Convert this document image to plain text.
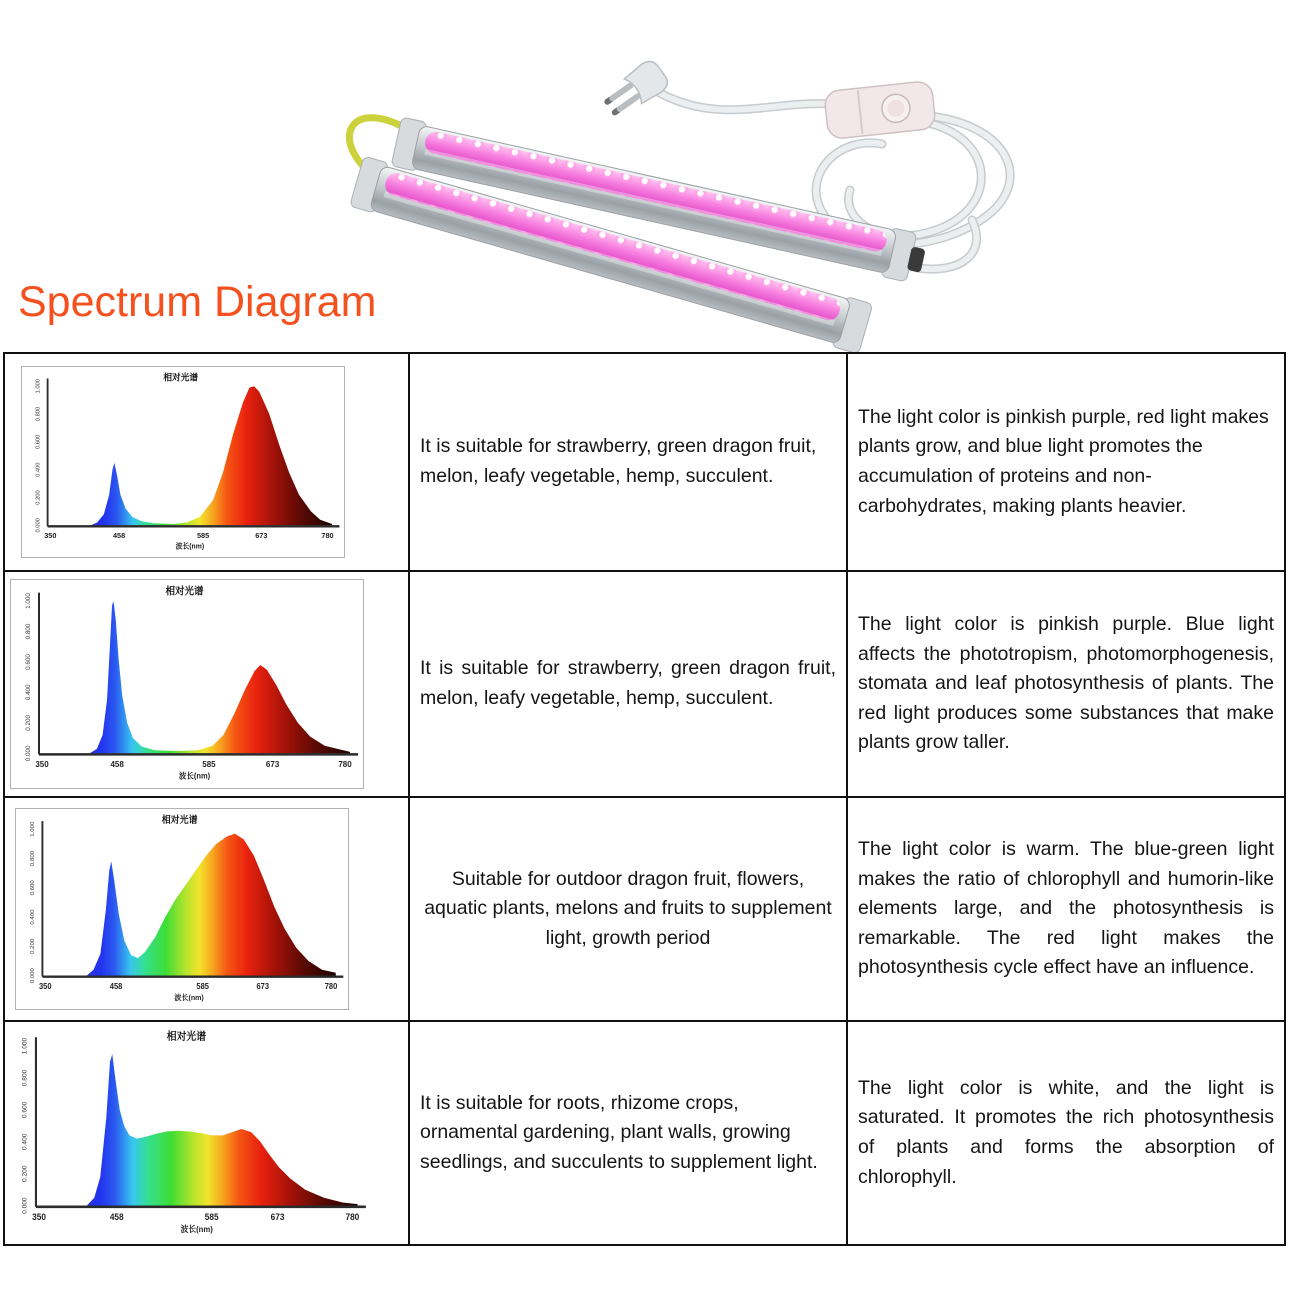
Spectrum Diagram
相对光谱
0.000
0.200
0.400
0.600
0.800
1.000
350	458	585	673	780
波长(nm)

It is suitable for strawberry, green dragon fruit, melon, leafy vegetable, hemp, succulent.

The light color is pinkish purple, red light makes plants grow, and blue light promotes the accumulation of proteins and non-carbohydrates, making plants heavier.

相对光谱
0.000
0.200
0.400
0.600
0.800
1.000
350	458	585	673	780
波长(nm)

It is suitable for strawberry, green dragon fruit, melon, leafy vegetable, hemp, succulent.

The light color is pinkish purple. Blue light affects the phototropism, photomorphogenesis, stomata and leaf photosynthesis of plants. The red light produces some substances that make plants grow taller.

相对光谱
0.000
0.200
0.400
0.600
0.800
1.000
350	458	585	673	780
波长(nm)

Suitable for outdoor dragon fruit, flowers, aquatic plants, melons and fruits to supplement light, growth period

The light color is warm. The blue-green light makes the ratio of chlorophyll and humorin-like elements large, and the photosynthesis is remarkable. The red light makes the photosynthesis cycle effect have an influence.

相对光谱
0.000
0.200
0.400
0.600
0.800
1.000
350	458	585	673	780
波长(nm)

It is suitable for roots, rhizome crops, ornamental gardening, plant walls, growing seedlings, and succulents to supplement light.

The light color is white, and the light is saturated. It promotes the rich photosynthesis of plants and forms the absorption of chlorophyll.
